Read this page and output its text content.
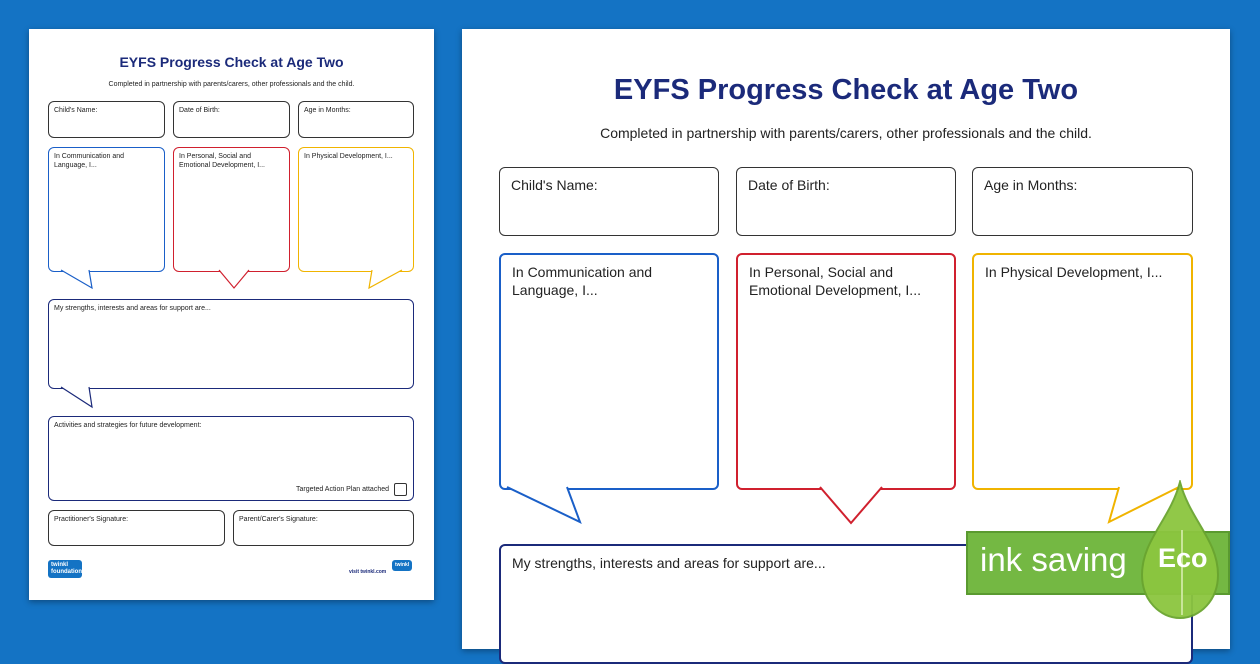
EYFS Progress Check at Age Two
Completed in partnership with parents/carers, other professionals and the child.
Child's Name:	Date of Birth:	Age in Months:
In Communication and Language, I...
In Personal, Social and Emotional Development, I...
In Physical Development, I...
My strengths, interests and areas for support are...
Activities and strategies for future development:
Targeted Action Plan attached
Practitioner's Signature:	Parent/Carer's Signature:
twinkl foundations	visit twinkl.com
twinkl
EYFS Progress Check at Age Two
Completed in partnership with parents/carers, other professionals and the child.
Child's Name:	Date of Birth:	Age in Months:
In Communication and Language, I...
In Personal, Social and Emotional Development, I...
In Physical Development, I...
My strengths, interests and areas for support are...	ink saving Eco
